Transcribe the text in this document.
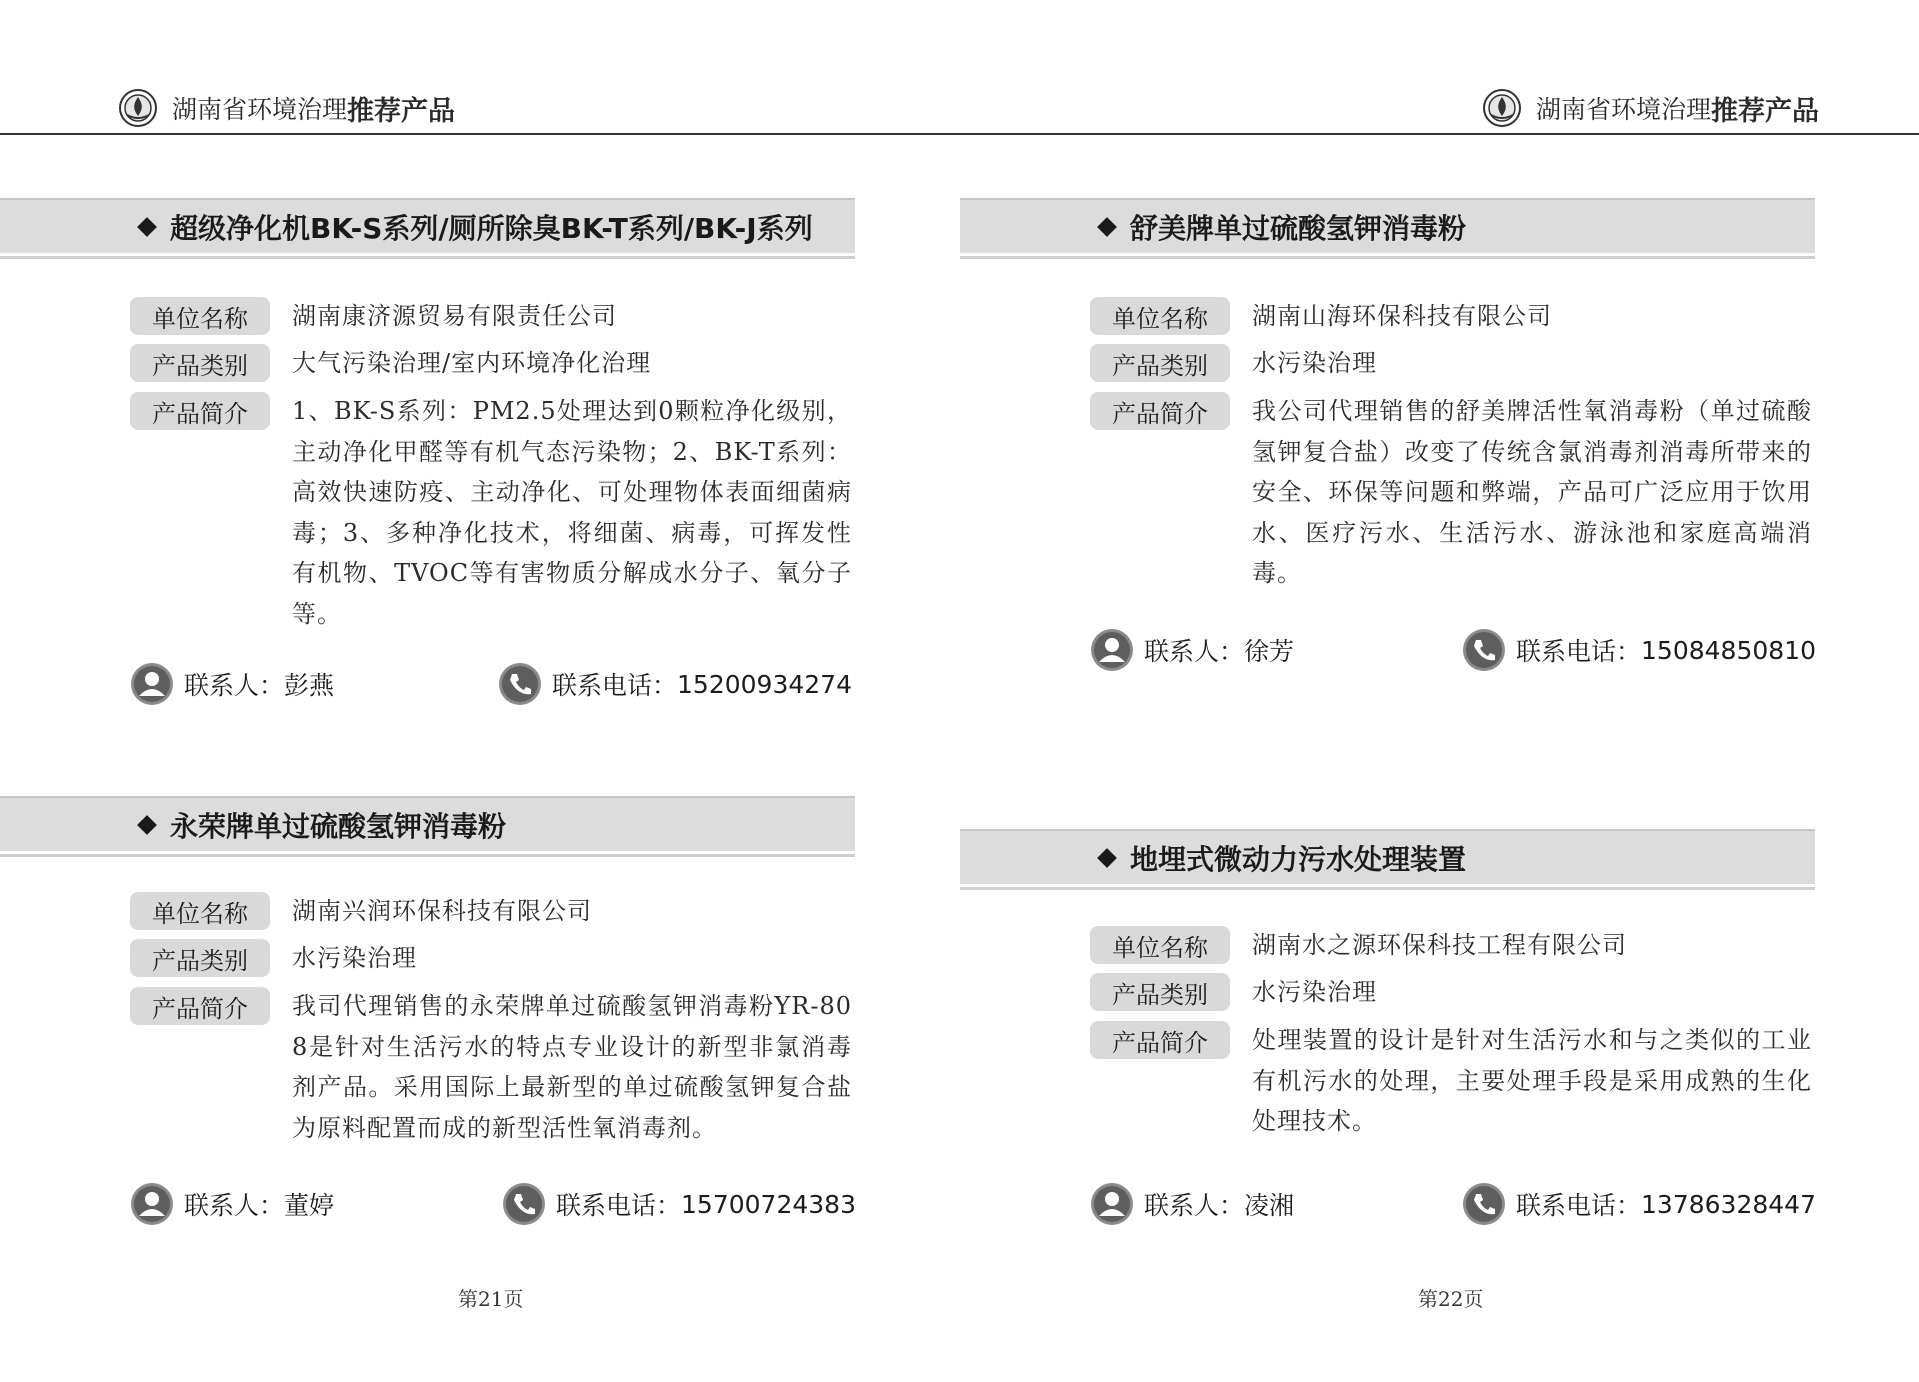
湖南省环境治理 推荐产品	湖南省环境治理 推荐产品
超级净化机BK-S系列/厕所除臭BK-T系列/BK-J系列
单位名称	湖南康济源贸易有限责任公司
产品类别	大气污染治理/室内环境净化治理
产品简介	1、BK-S系列：PM2.5处理达到0颗粒净化级别，主动净化甲醛等有机气态污染物；2、BK-T系列：高效快速防疫、主动净化、可处理物体表面细菌病毒；3、多种净化技术，将细菌、病毒，可挥发性有机物、TVOC等有害物质分解成水分子、氧分子等。
联系人： 彭燕	联系电话： 15200934274
永荣牌单过硫酸氢钾消毒粉
单位名称	湖南兴润环保科技有限公司
产品类别	水污染治理
产品简介	我司代理销售的永荣牌单过硫酸氢钾消毒粉YR-808是针对生活污水的特点专业设计的新型非氯消毒剂产品。采用国际上最新型的单过硫酸氢钾复合盐为原料配置而成的新型活性氧消毒剂。
联系人： 董婷	联系电话： 15700724383
舒美牌单过硫酸氢钾消毒粉
单位名称	湖南山海环保科技有限公司
产品类别	水污染治理
产品简介	我公司代理销售的舒美牌活性氧消毒粉（单过硫酸氢钾复合盐）改变了传统含氯消毒剂消毒所带来的安全、环保等问题和弊端，产品可广泛应用于饮用水、医疗污水、生活污水、游泳池和家庭高端消毒。
联系人： 徐芳	联系电话： 15084850810
地埋式微动力污水处理装置
单位名称	湖南水之源环保科技工程有限公司
产品类别	水污染治理
产品简介	处理装置的设计是针对生活污水和与之类似的工业有机污水的处理，主要处理手段是采用成熟的生化处理技术。
联系人： 凌湘	联系电话： 13786328447
第21页	第22页
